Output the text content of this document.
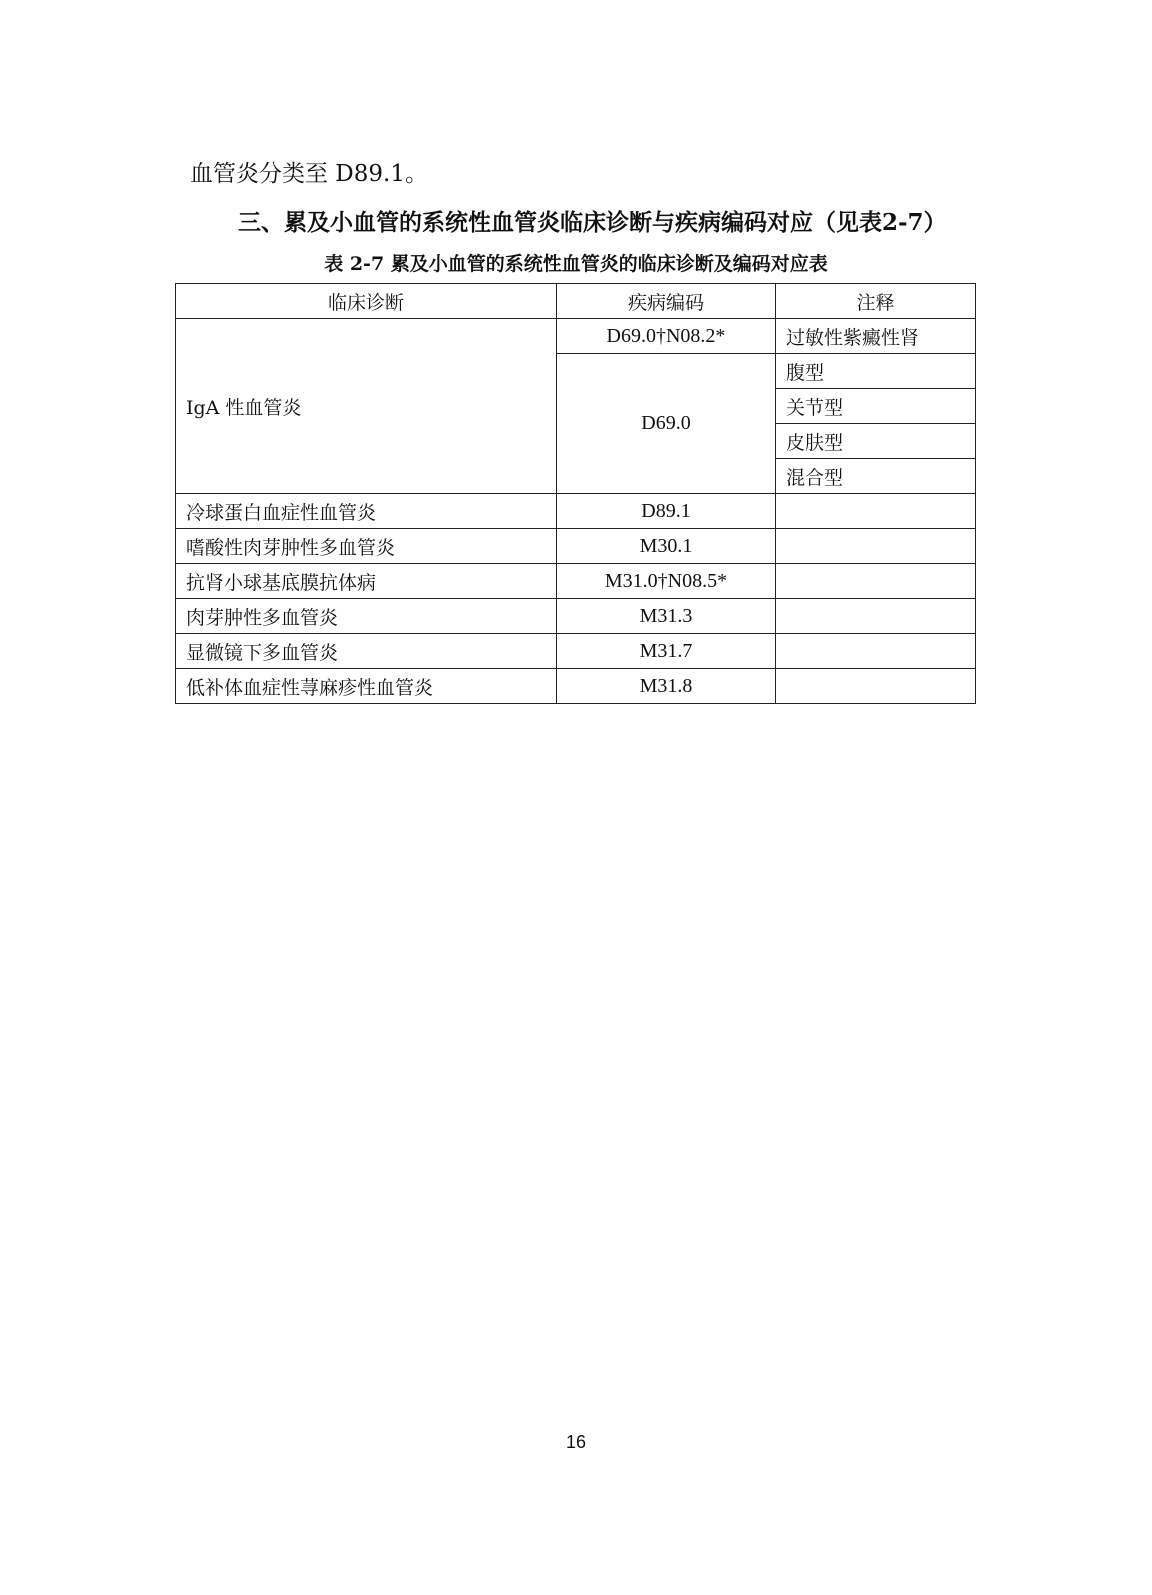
血管炎分类至 D89.1。
三、累及小血管的系统性血管炎临床诊断与疾病编码对应（见表2-7）
表 2-7 累及小血管的系统性血管炎的临床诊断及编码对应表
临床诊断	疾病编码	注释
IgA 性血管炎	D69.0†N08.2*	过敏性紫癜性肾
	D69.0	腹型
		关节型
		皮肤型
		混合型
冷球蛋白血症性血管炎	D89.1	
嗜酸性肉芽肿性多血管炎	M30.1	
抗肾小球基底膜抗体病	M31.0†N08.5*	
肉芽肿性多血管炎	M31.3	
显微镜下多血管炎	M31.7	
低补体血症性荨麻疹性血管炎	M31.8	
16
